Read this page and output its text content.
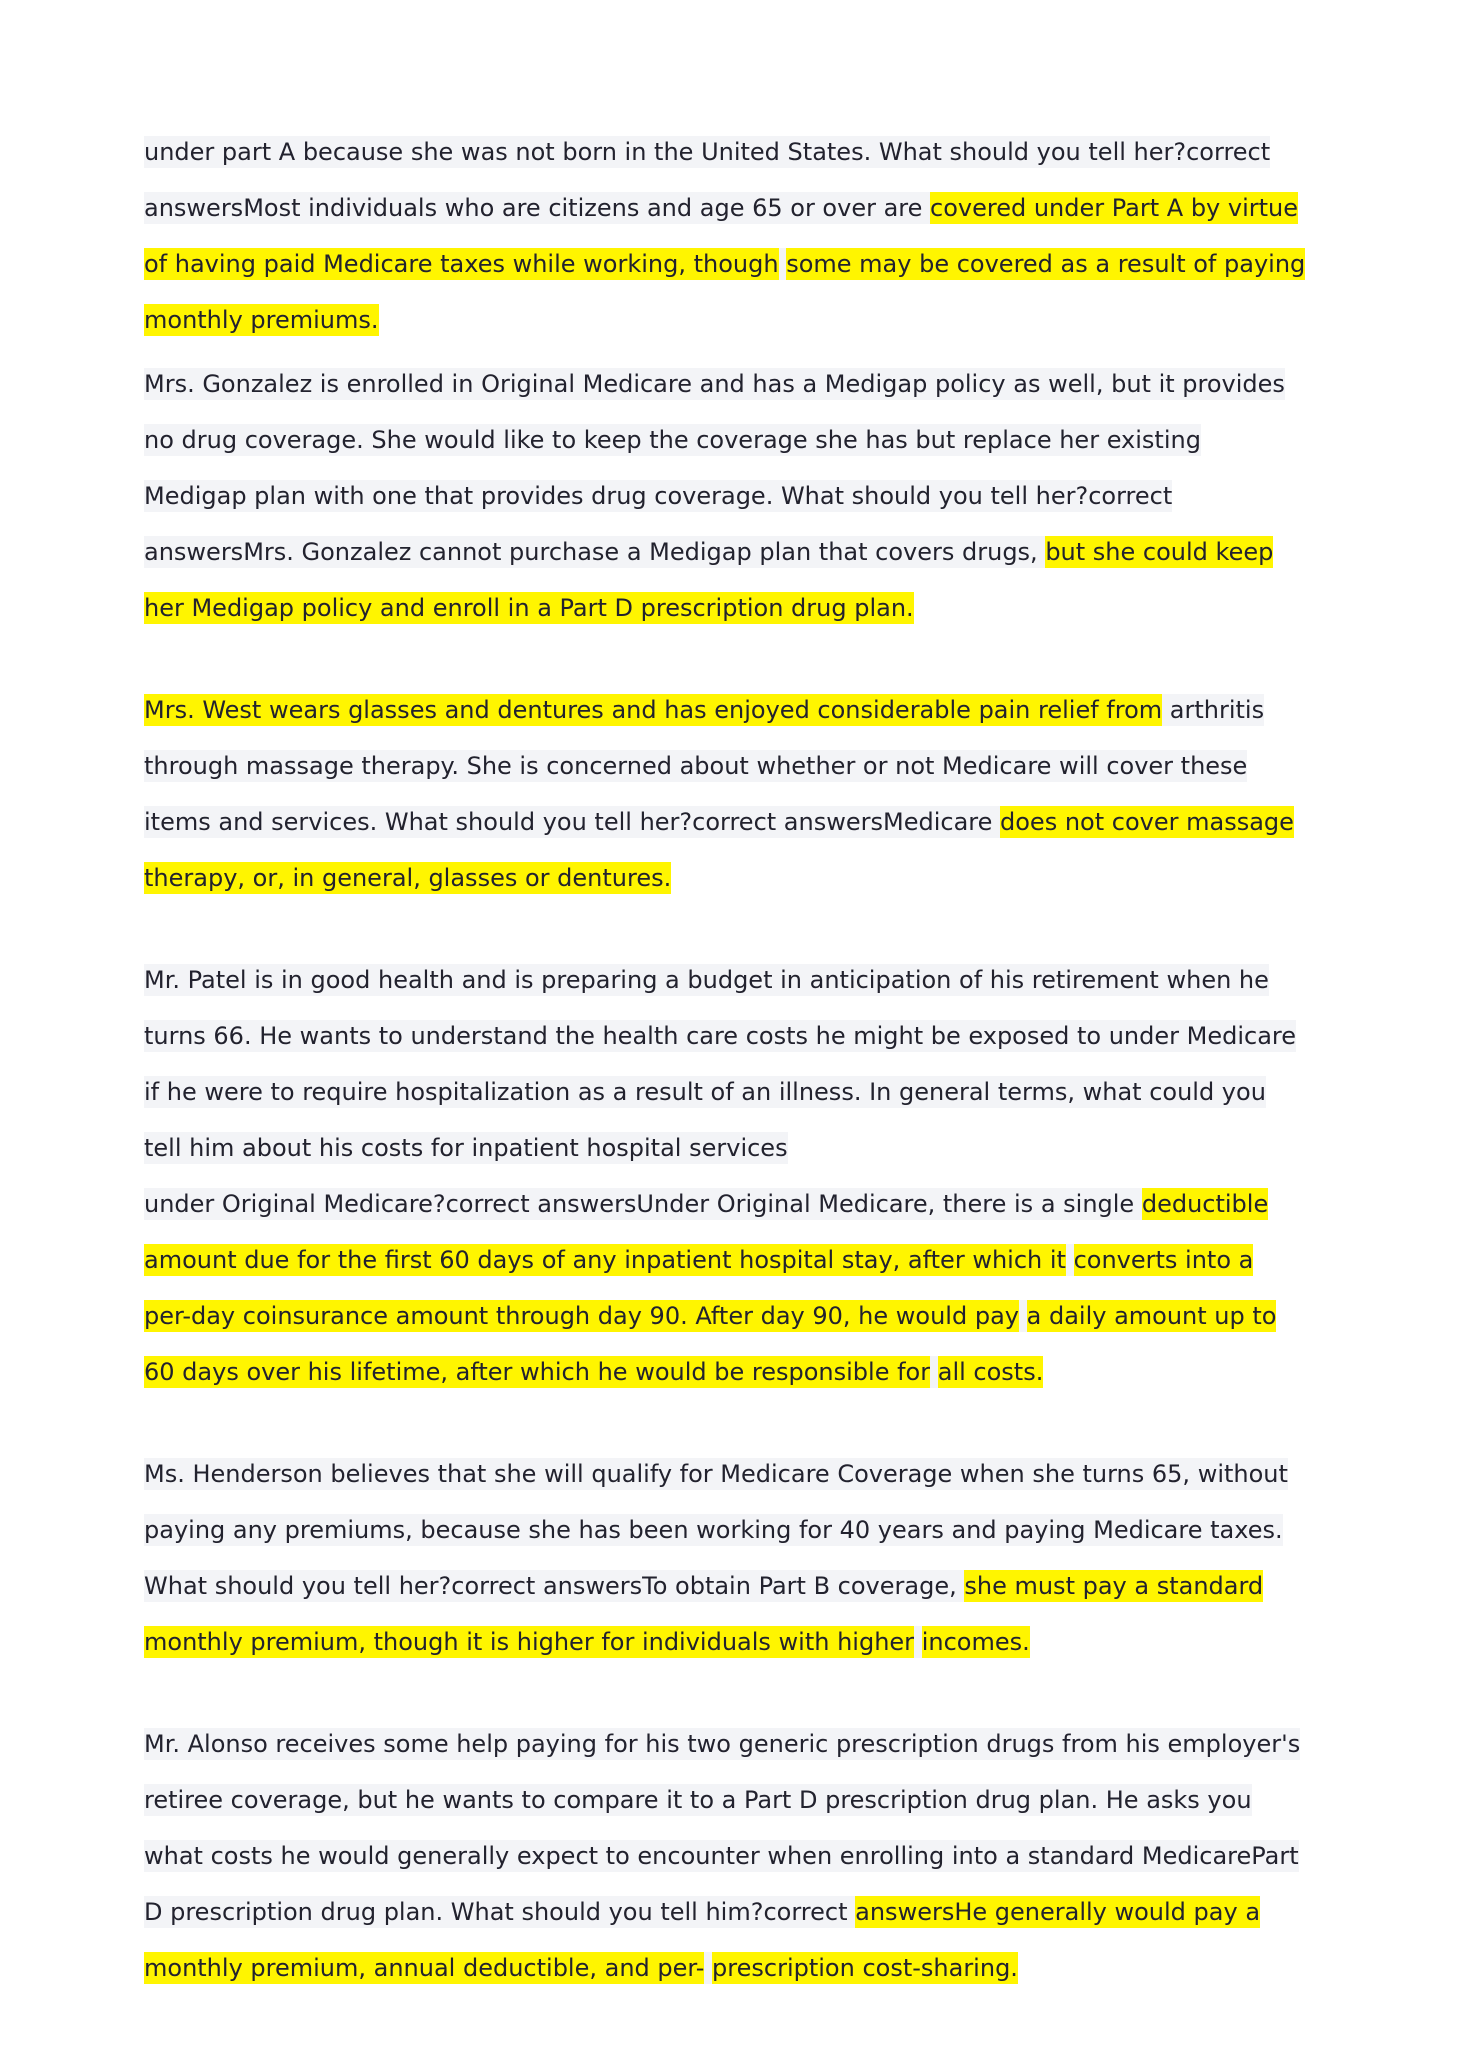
under part A because she was not born in the United States. What should you tell her?correct
answersMost individuals who are citizens and age 65 or over are covered under Part A by virtue
of having paid Medicare taxes while working, though some may be covered as a result of paying
monthly premiums.
Mrs. Gonzalez is enrolled in Original Medicare and has a Medigap policy as well, but it provides
no drug coverage. She would like to keep the coverage she has but replace her existing
Medigap plan with one that provides drug coverage. What should you tell her?correct
answersMrs. Gonzalez cannot purchase a Medigap plan that covers drugs, but she could keep
her Medigap policy and enroll in a Part D prescription drug plan.
Mrs. West wears glasses and dentures and has enjoyed considerable pain relief from arthritis
through massage therapy. She is concerned about whether or not Medicare will cover these
items and services. What should you tell her?correct answersMedicare does not cover massage
therapy, or, in general, glasses or dentures.
Mr. Patel is in good health and is preparing a budget in anticipation of his retirement when he
turns 66. He wants to understand the health care costs he might be exposed to under Medicare
if he were to require hospitalization as a result of an illness. In general terms, what could you
tell him about his costs for inpatient hospital services
under Original Medicare?correct answersUnder Original Medicare, there is a single deductible
amount due for the first 60 days of any inpatient hospital stay, after which it converts into a
per-day coinsurance amount through day 90. After day 90, he would pay a daily amount up to
60 days over his lifetime, after which he would be responsible for all costs.
Ms. Henderson believes that she will qualify for Medicare Coverage when she turns 65, without
paying any premiums, because she has been working for 40 years and paying Medicare taxes.
What should you tell her?correct answersTo obtain Part B coverage, she must pay a standard
monthly premium, though it is higher for individuals with higher incomes.
Mr. Alonso receives some help paying for his two generic prescription drugs from his employer's
retiree coverage, but he wants to compare it to a Part D prescription drug plan. He asks you
what costs he would generally expect to encounter when enrolling into a standard MedicarePart
D prescription drug plan. What should you tell him?correct answersHe generally would pay a
monthly premium, annual deductible, and per- prescription cost-sharing.
